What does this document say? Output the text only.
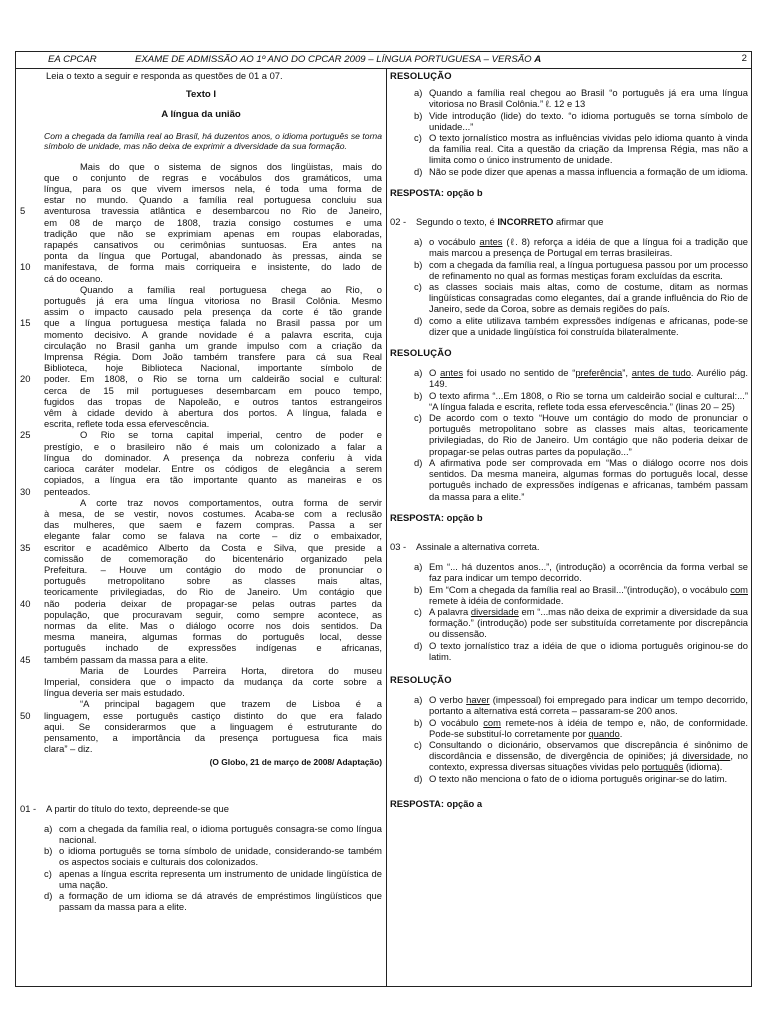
EA CPCAR	EXAME DE ADMISSÃO AO 1º ANO DO CPCAR 2009 – LÍNGUA PORTUGUESA – VERSÃO A	2

Leia o texto a seguir e responda as questões de 01 a 07.

Texto I

A língua da união

Com a chegada da família real ao Brasil, há duzentos anos, o idioma português se torna símbolo de unidade, mas não deixa de exprimir a diversidade da sua formação.

Mais do que o sistema de signos dos lingüistas, mais do
que o conjunto de regras e vocábulos dos gramáticos, uma
língua, para os que vivem imersos nela, é toda uma forma de
estar no mundo. Quando a família real portuguesa concluiu sua
5	aventurosa travessia atlântica e desembarcou no Rio de Janeiro,
em 08 de março de 1808, trazia consigo costumes e uma
tradição que não se exprimiam apenas em roupas elaboradas,
rapapés cansativos ou cerimônias suntuosas. Era antes na
ponta da língua que Portugal, abandonado às pressas, ainda se
10	manifestava, de forma mais corriqueira e insistente, do lado de
cá do oceano.
Quando a família real portuguesa chega ao Rio, o
português já era uma língua vitoriosa no Brasil Colônia. Mesmo
assim o impacto causado pela presença da corte é tão grande
15	que a língua portuguesa mestiça falada no Brasil passa por um
momento decisivo. A grande novidade é a palavra escrita, cuja
circulação no Brasil ganha um grande impulso com a criação da
Imprensa Régia. Dom João também transfere para cá sua Real
Biblioteca, hoje Biblioteca Nacional, importante símbolo de
20	poder. Em 1808, o Rio se torna um caldeirão social e cultural:
cerca de 15 mil portugueses desembarcam em pouco tempo,
fugidos das tropas de Napoleão, e outros tantos estrangeiros
vêm à cidade devido à abertura dos portos. A língua, falada e
escrita, reflete toda essa efervescência.
25	O Rio se torna capital imperial, centro de poder e
prestígio, e o brasileiro não é mais um colonizado a falar a
língua do dominador. A presença da nobreza conferiu à vida
carioca caráter modelar. Entre os códigos de elegância a serem
copiados, a língua era tão importante quanto as maneiras e os
30	penteados.
A corte traz novos comportamentos, outra forma de servir
à mesa, de se vestir, novos costumes. Acaba-se com a reclusão
das mulheres, que saem e fazem compras. Passa a ser
elegante falar como se falava na corte – diz o embaixador,
35	escritor e acadêmico Alberto da Costa e Silva, que preside a
comissão de comemoração do bicentenário organizado pela
Prefeitura. – Houve um contágio do modo de pronunciar o
português metropolitano sobre as classes mais altas,
teoricamente privilegiadas, do Rio de Janeiro. Um contágio que
40	não poderia deixar de propagar-se pelas outras partes da
população, que procuravam seguir, como sempre acontece, as
normas da elite. Mas o diálogo ocorre nos dois sentidos. Da
mesma maneira, algumas formas do português local, desse
português inchado de expressões indígenas e africanas,
45	também passam da massa para a elite.
Maria de Lourdes Parreira Horta, diretora do museu
Imperial, considera que o impacto da mudança da corte sobre a
língua deveria ser mais estudado.
“A principal bagagem que trazem de Lisboa é a
50	linguagem, esse português castiço distinto do que era falado
aqui. Se considerarmos que a linguagem é estruturante do
pensamento, a importância da presença portuguesa fica mais
clara” – diz.

(O Globo, 21 de março de 2008/ Adaptação)

01 -	A partir do título do texto, depreende-se que
a) com a chegada da família real, o idioma português consagra-se como língua nacional.
b) o idioma português se torna símbolo de unidade, considerando-se também os aspectos sociais e culturais dos colonizados.
c) apenas a língua escrita representa um instrumento de unidade lingüística de uma nação.
d) a formação de um idioma se dá através de empréstimos lingüísticos que passam da massa para a elite.

RESOLUÇÃO

a) Quando a família real chegou ao Brasil “o português já era uma língua vitoriosa no Brasil Colônia.” ℓ. 12 e 13
b) Vide introdução (lide) do texto. “o idioma português se torna símbolo de unidade...”
c) O texto jornalístico mostra as influências vividas pelo idioma quanto à vinda da família real. Cita a questão da criação da Imprensa Régia, mas não a limita como o único instrumento de unidade.
d) Não se pode dizer que apenas a massa influencia a formação de um idioma.

RESPOSTA: opção b

02 -	Segundo o texto, é INCORRETO afirmar que
a) o vocábulo antes (ℓ. 8) reforça a idéia de que a língua foi a tradição que mais marcou a presença de Portugal em terras brasileiras.
b) com a chegada da família real, a língua portuguesa passou por um processo de refinamento no qual as formas mestiças foram excluídas da escrita.
c) as classes sociais mais altas, como de costume, ditam as normas lingüísticas consagradas como elegantes, daí a grande influência do Rio de Janeiro, sede da Coroa, sobre as demais regiões do país.
d) como a elite utilizava também expressões indígenas e africanas, pode-se dizer que a unidade lingüística foi construída bilateralmente.

RESOLUÇÃO

a) O antes foi usado no sentido de “preferência”, antes de tudo. Aurélio pág. 149.
b) O texto afirma “...Em 1808, o Rio se torna um caldeirão social e cultural:...” “A língua falada e escrita, reflete toda essa efervescência.” (linas 20 – 25)
c) De acordo com o texto “Houve um contágio do modo de pronunciar o português metropolitano sobre as classes mais altas, teoricamente privilegiadas, do Rio de Janeiro. Um contágio que não poderia deixar de propagar-se pelas outras partes da população...”
d) A afirmativa pode ser comprovada em “Mas o diálogo ocorre nos dois sentidos. Da mesma maneira, algumas formas do português local, desse português inchado de expressões indígenas e africanas, também passam da massa para a elite.”

RESPOSTA: opção b

03 -	Assinale a alternativa correta.
a) Em “... há duzentos anos...”, (introdução) a ocorrência da forma verbal se faz para indicar um tempo decorrido.
b) Em “Com a chegada da família real ao Brasil...”(introdução), o vocábulo com remete à idéia de conformidade.
c) A palavra diversidade em “...mas não deixa de exprimir a diversidade da sua formação.” (introdução) pode ser substituída corretamente por discrepância ou dissensão.
d) O texto jornalístico traz a idéia de que o idioma português originou-se do latim.

RESOLUÇÃO

a) O verbo haver (impessoal) foi empregado para indicar um tempo decorrido, portanto a alternativa está correta – passaram-se 200 anos.
b) O vocábulo com remete-nos à idéia de tempo e, não, de conformidade. Pode-se substituí-lo corretamente por quando.
c) Consultando o dicionário, observamos que discrepância é sinônimo de discordância e dissensão, de divergência de opiniões; já diversidade, no contexto, expressa diversas situações vividas pelo português (idioma).
d) O texto não menciona o fato de o idioma português originar-se do latim.

RESPOSTA: opção a
